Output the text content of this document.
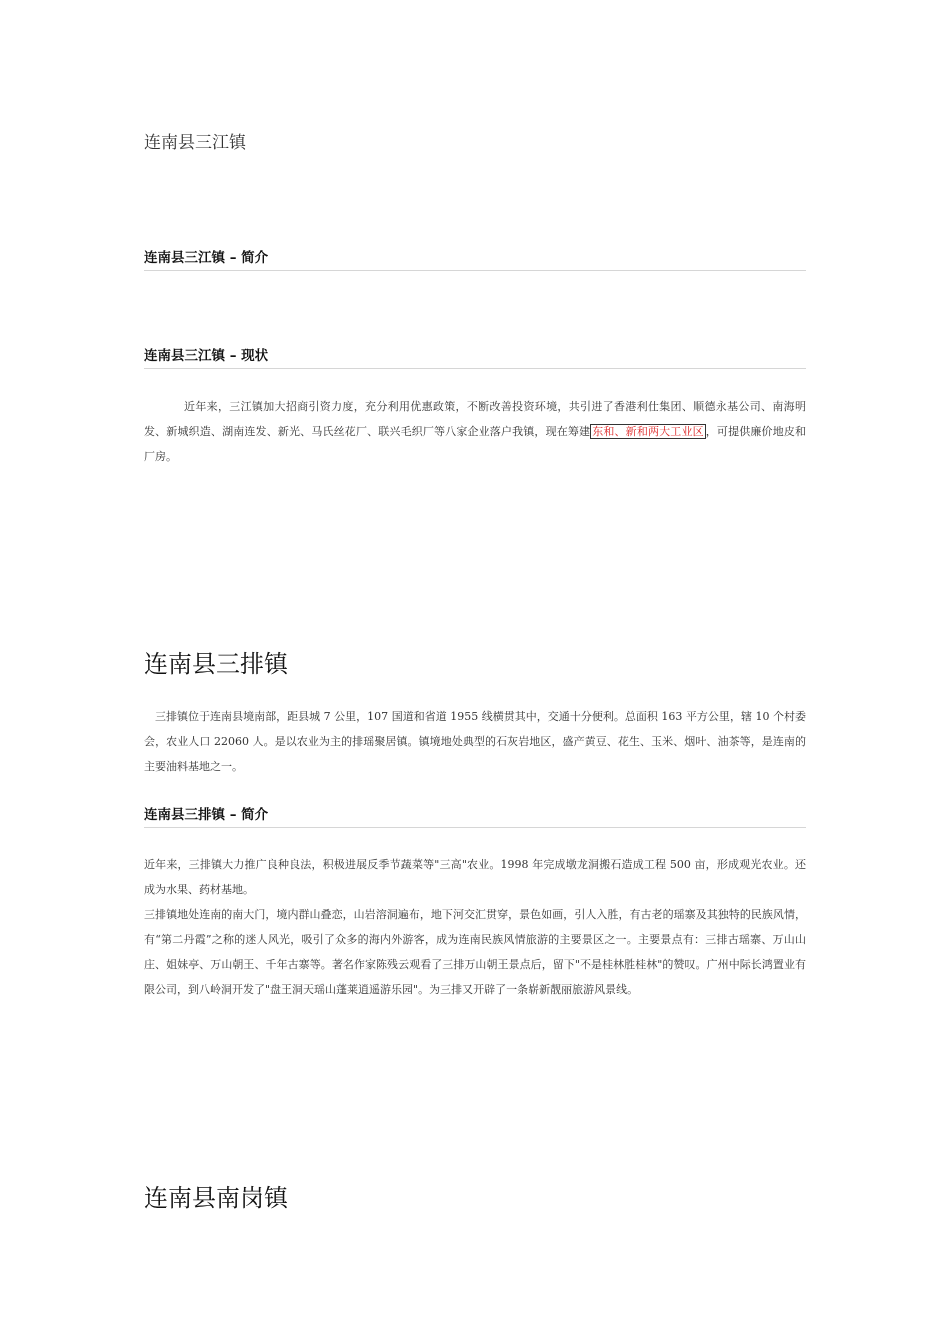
连南县三江镇
连南县三江镇 – 简介
连南县三江镇 – 现状
近年来，三江镇加大招商引资力度，充分利用优惠政策，不断改善投资环境，共引进了香港利仕集团、顺德永基公司、南海明发、新城织造、湖南连发、新光、马氏丝花厂、联兴毛织厂等八家企业落户我镇，现在筹建 东和、新和两大工业区 ，可提供廉价地皮和厂房。
连南县三排镇
三排镇位于连南县境南部，距县城 7 公里，107 国道和省道 1955 线横贯其中，交通十分便利。总面积 163 平方公里，辖 10 个村委会，农业人口 22060 人。是以农业为主的排瑶聚居镇。镇境地处典型的石灰岩地区，盛产黄豆、花生、玉米、烟叶、油茶等，是连南的主要油料基地之一。
连南县三排镇 – 简介

近年来，三排镇大力推广良种良法，积极进展反季节蔬菜等"三高"农业。1998 年完成墩龙洞搬石造成工程 500 亩，形成观光农业。还成为水果、药材基地。

三排镇地处连南的南大门，境内群山叠恋，山岩溶洞遍布，地下河交汇贯穿，景色如画，引人入胜，有古老的瑶寨及其独特的民族风情，有“第二丹霞”之称的迷人风光，吸引了众多的海内外游客，成为连南民族风情旅游的主要景区之一。主要景点有：三排古瑶寨、万山山庄、姐妹亭、万山朝王、千年古寨等。著名作家陈残云观看了三排万山朝王景点后，留下"不是桂林胜桂林"的赞叹。广州中际长鸿置业有限公司，到八岭洞开发了"盘王洞天瑶山蓬莱逍遥游乐园"。为三排又开辟了一条崭新靓丽旅游风景线。

连南县南岗镇
